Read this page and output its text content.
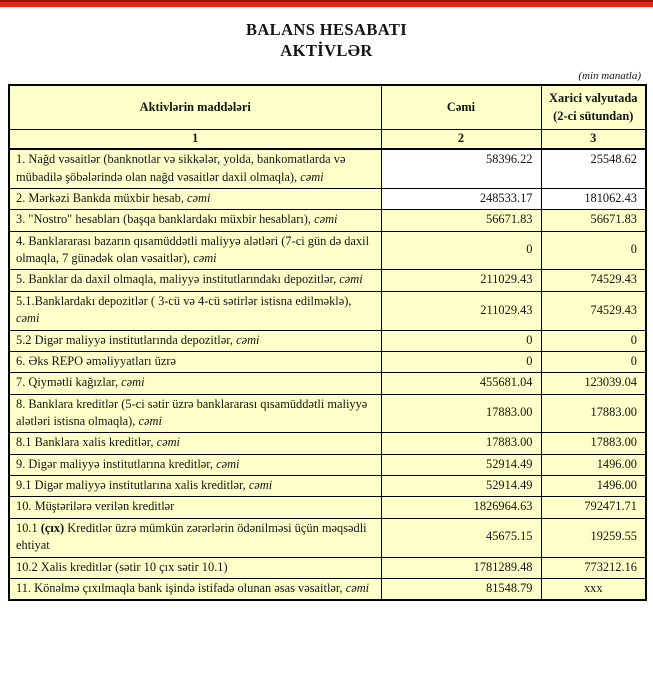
BALANS HESABATI
AKTİVLƏR
(min manatla)
Aktivlərin maddələri	Cəmi	Xarici valyutada (2-ci sütundan)
1	2	3
1. Nağd vəsaitlər (banknotlar və sikkələr, yolda, bankomatlarda və mübadilə şöbələrində olan nağd vəsaitlər daxil olmaqla), cəmi	58396.22	25548.62
2. Mərkəzi Bankda müxbir hesab, cəmi	248533.17	181062.43
3. "Nostro" hesabları (başqa banklardakı müxbir hesabları), cəmi	56671.83	56671.83
4. Banklararası bazarın qısamüddətli maliyyə alətləri (7-ci gün də daxil olmaqla, 7 günədək olan vəsaitlər), cəmi	0	0
5. Banklar da daxil olmaqla, maliyyə institutlarındakı depozitlər, cəmi	211029.43	74529.43
5.1.Banklardakı depozitlər ( 3-cü və 4-cü sətirlər istisna edilməklə), cəmi	211029.43	74529.43
5.2 Digər maliyyə institutlarında depozitlər, cəmi	0	0
6. Əks REPO əməliyyatları üzrə	0	0
7. Qiymətli kağızlar, cəmi	455681.04	123039.04
8. Banklara kreditlər (5-ci sətir üzrə banklararası qısamüddətli maliyyə alətləri istisna olmaqla), cəmi	17883.00	17883.00
8.1 Banklara xalis kreditlər, cəmi	17883.00	17883.00
9. Digər maliyyə institutlarına kreditlər, cəmi	52914.49	1496.00
9.1 Digər maliyyə institutlarına xalis kreditlər, cəmi	52914.49	1496.00
10. Müştərilərə verilən kreditlər	1826964.63	792471.71
10.1 (çıx) Kreditlər üzrə mümkün zərərlərin ödənilməsi üçün məqsədli ehtiyat	45675.15	19259.55
10.2 Xalis kreditlər (sətir 10 çıx sətir 10.1)	1781289.48	773212.16
11. Könəlmə çıxılmaqla bank işində istifadə olunan əsas vəsaitlər, cəmi	81548.79	xxx
